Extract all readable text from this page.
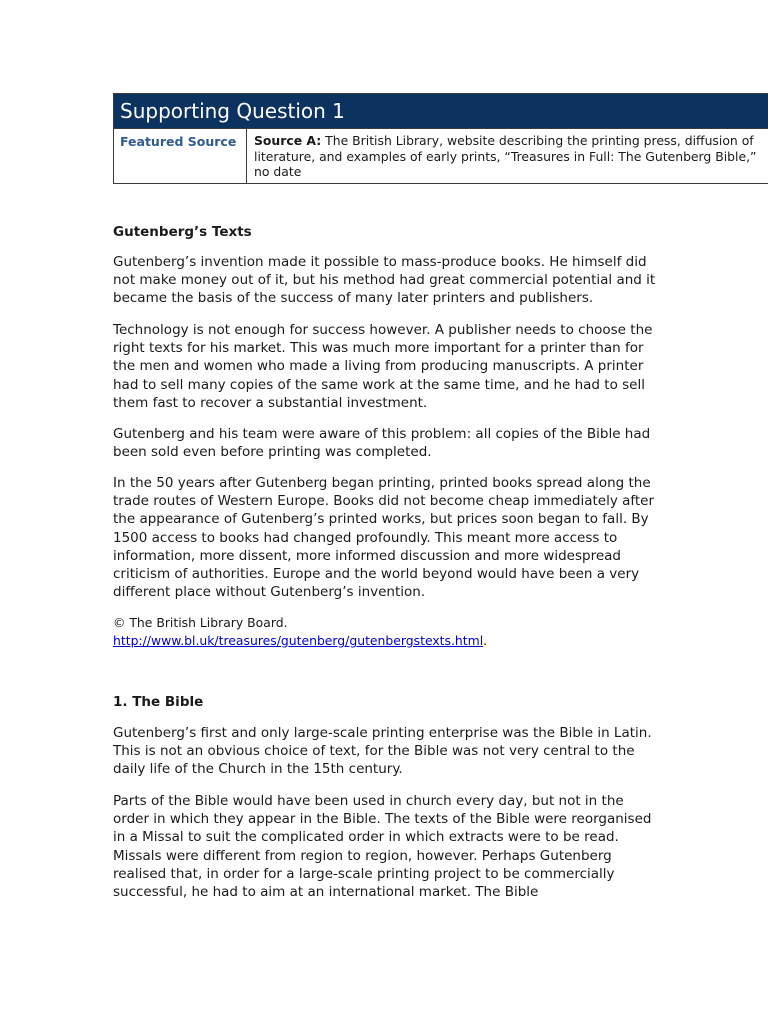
Supporting Question 1
Featured Source	Source A: The British Library, website describing the printing press, diffusion of literature, and examples of early prints, “Treasures in Full: The Gutenberg Bible,” no date
Gutenberg’s Texts

Gutenberg’s invention made it possible to mass-produce books. He himself did not make money out of it, but his method had great commercial potential and it became the basis of the success of many later printers and publishers.

Technology is not enough for success however. A publisher needs to choose the right texts for his market. This was much more important for a printer than for the men and women who made a living from producing manuscripts. A printer had to sell many copies of the same work at the same time, and he had to sell them fast to recover a substantial investment.

Gutenberg and his team were aware of this problem: all copies of the Bible had been sold even before printing was completed.

In the 50 years after Gutenberg began printing, printed books spread along the trade routes of Western Europe. Books did not become cheap immediately after the appearance of Gutenberg’s printed works, but prices soon began to fall. By 1500 access to books had changed profoundly. This meant more access to information, more dissent, more informed discussion and more widespread criticism of authorities. Europe and the world beyond would have been a very different place without Gutenberg’s invention.

© The British Library Board.
http://www.bl.uk/treasures/gutenberg/gutenbergstexts.html.
1. The Bible

Gutenberg’s first and only large-scale printing enterprise was the Bible in Latin. This is not an obvious choice of text, for the Bible was not very central to the daily life of the Church in the 15th century.

Parts of the Bible would have been used in church every day, but not in the order in which they appear in the Bible. The texts of the Bible were reorganised in a Missal to suit the complicated order in which extracts were to be read. Missals were different from region to region, however. Perhaps Gutenberg realised that, in order for a large-scale printing project to be commercially successful, he had to aim at an international market. The Bible
